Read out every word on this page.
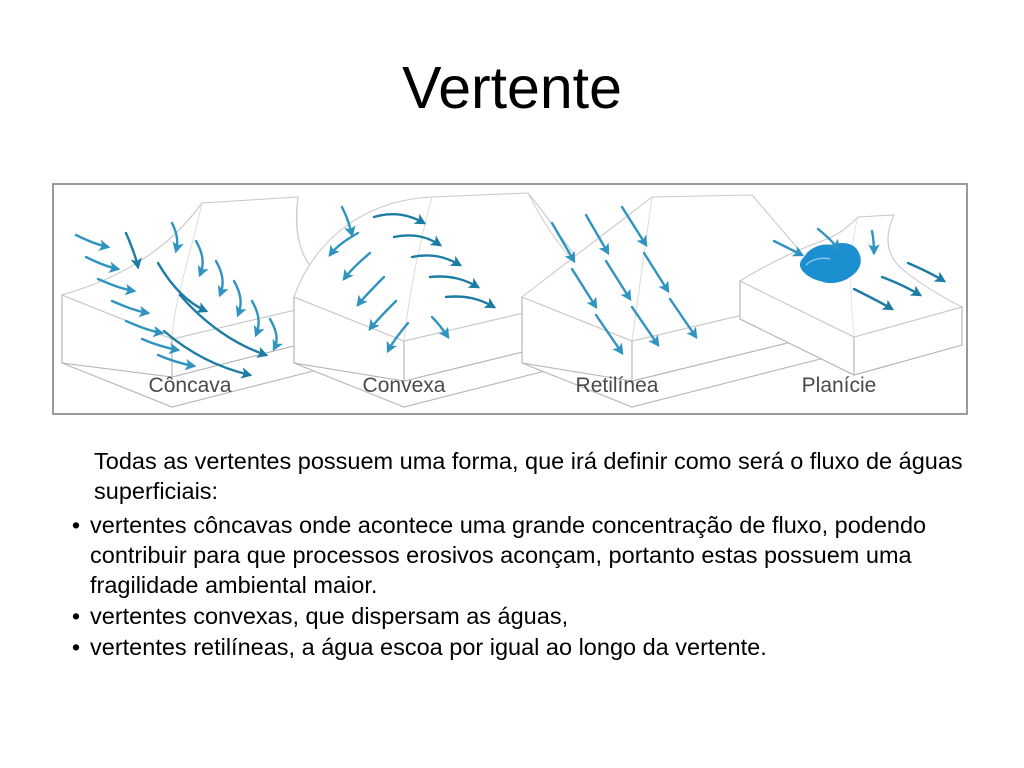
Vertente
Côncava	Convexa	Retilínea	Planície
Todas as vertentes possuem uma forma, que irá definir como será o fluxo de águas superficiais:
• vertentes côncavas onde acontece uma grande concentração de fluxo, podendo contribuir para que processos erosivos aconçam, portanto estas possuem uma fragilidade ambiental maior.
• vertentes convexas, que dispersam as águas,
• vertentes retilíneas, a água escoa por igual ao longo da vertente.
